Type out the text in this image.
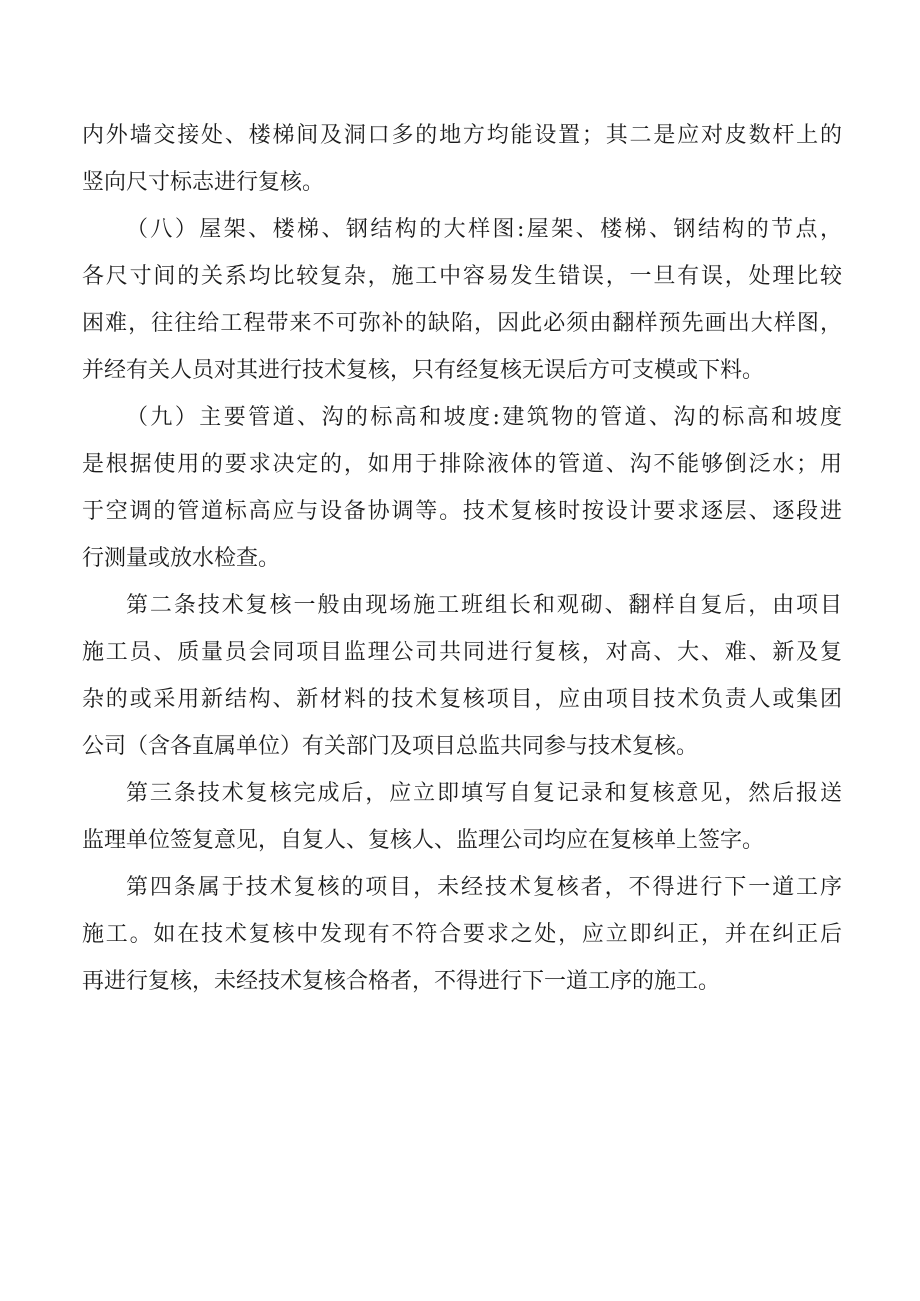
内外墙交接处、楼梯间及洞口多的地方均能设置；其二是应对皮数杆上的
竖向尺寸标志进行复核。
（八）屋架、楼梯、钢结构的大样图:屋架、楼梯、钢结构的节点，
各尺寸间的关系均比较复杂，施工中容易发生错误，一旦有误，处理比较
困难，往往给工程带来不可弥补的缺陷，因此必须由翻样预先画出大样图，
并经有关人员对其进行技术复核，只有经复核无误后方可支模或下料。
（九）主要管道、沟的标高和坡度:建筑物的管道、沟的标高和坡度
是根据使用的要求决定的，如用于排除液体的管道、沟不能够倒泛水；用
于空调的管道标高应与设备协调等。技术复核时按设计要求逐层、逐段进
行测量或放水检查。
第二条技术复核一般由现场施工班组长和观砌、翻样自复后，由项目
施工员、质量员会同项目监理公司共同进行复核，对高、大、难、新及复
杂的或采用新结构、新材料的技术复核项目，应由项目技术负责人或集团
公司（含各直属单位）有关部门及项目总监共同参与技术复核。
第三条技术复核完成后，应立即填写自复记录和复核意见，然后报送
监理单位签复意见，自复人、复核人、监理公司均应在复核单上签字。
第四条属于技术复核的项目，未经技术复核者，不得进行下一道工序
施工。如在技术复核中发现有不符合要求之处，应立即纠正，并在纠正后
再进行复核，未经技术复核合格者，不得进行下一道工序的施工。
